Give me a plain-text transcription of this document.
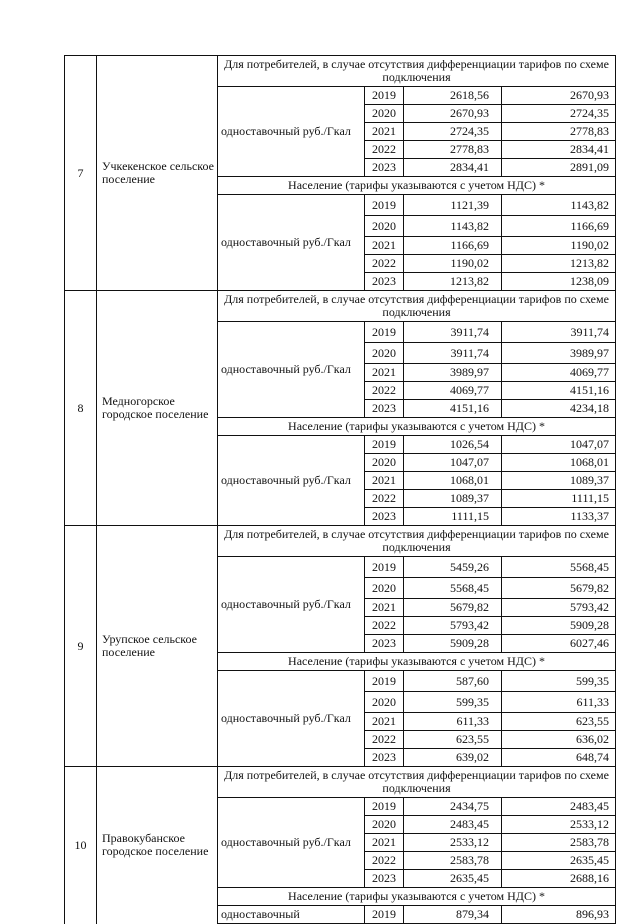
7	Учкекенское сельское поселение	Для потребителей, в случае отсутствия дифференциации тарифов по схеме подключения			
		одноставочный руб./Гкал	2019	2618,56	2670,93
			2020	2670,93	2724,35
			2021	2724,35	2778,83
			2022	2778,83	2834,41
			2023	2834,41	2891,09
		Население (тарифы указываются с учетом НДС) *			
		одноставочный руб./Гкал	2019	1121,39	1143,82
			2020	1143,82	1166,69
			2021	1166,69	1190,02
			2022	1190,02	1213,82
			2023	1213,82	1238,09
8	Медногорское городское поселение	Для потребителей, в случае отсутствия дифференциации тарифов по схеме подключения			
		одноставочный руб./Гкал	2019	3911,74	3911,74
			2020	3911,74	3989,97
			2021	3989,97	4069,77
			2022	4069,77	4151,16
			2023	4151,16	4234,18
		Население (тарифы указываются с учетом НДС) *			
		одноставочный руб./Гкал	2019	1026,54	1047,07
			2020	1047,07	1068,01
			2021	1068,01	1089,37
			2022	1089,37	1111,15
			2023	1111,15	1133,37
9	Урупское сельское поселение	Для потребителей, в случае отсутствия дифференциации тарифов по схеме подключения			
		одноставочный руб./Гкал	2019	5459,26	5568,45
			2020	5568,45	5679,82
			2021	5679,82	5793,42
			2022	5793,42	5909,28
			2023	5909,28	6027,46
		Население (тарифы указываются с учетом НДС) *			
		одноставочный руб./Гкал	2019	587,60	599,35
			2020	599,35	611,33
			2021	611,33	623,55
			2022	623,55	636,02
			2023	639,02	648,74
10	Правокубанское городское поселение	Для потребителей, в случае отсутствия дифференциации тарифов по схеме подключения			
		одноставочный руб./Гкал	2019	2434,75	2483,45
			2020	2483,45	2533,12
			2021	2533,12	2583,78
			2022	2583,78	2635,45
			2023	2635,45	2688,16
		Население (тарифы указываются с учетом НДС) *			
		одноставочный	2019	879,34	896,93
